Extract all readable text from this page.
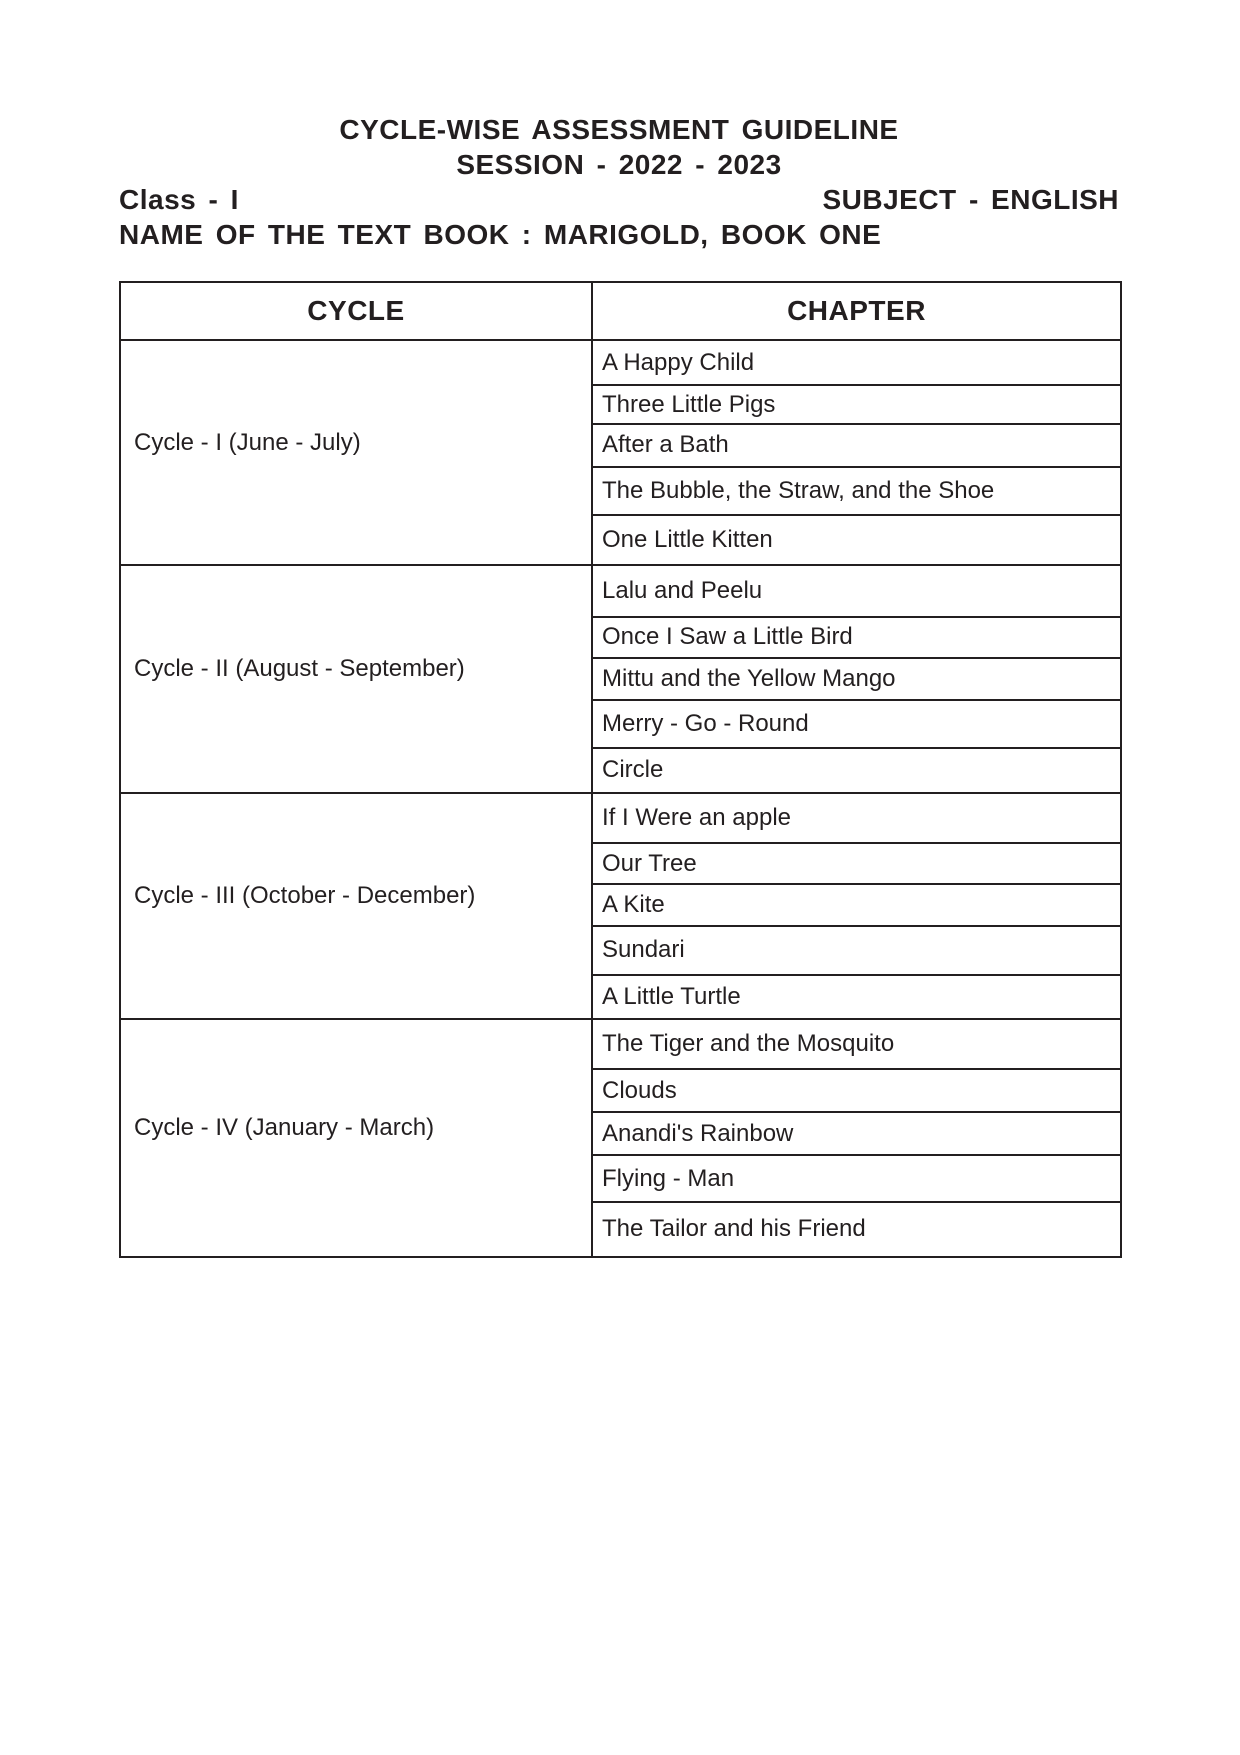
CYCLE-WISE ASSESSMENT GUIDELINE
SESSION - 2022 - 2023
Class - I	SUBJECT - ENGLISH
NAME OF THE TEXT BOOK : MARIGOLD, BOOK ONE
CYCLE	CHAPTER
Cycle - I (June - July)
A Happy Child
Three Little Pigs
After a Bath
The Bubble, the Straw, and the Shoe
One Little Kitten
Cycle - II (August - September)
Lalu and Peelu
Once I Saw a Little Bird
Mittu and the Yellow Mango
Merry - Go - Round
Circle
Cycle - III (October - December)
If I Were an apple
Our Tree
A Kite
Sundari
A Little Turtle
Cycle - IV (January - March)
The Tiger and the Mosquito
Clouds
Anandi's Rainbow
Flying - Man
The Tailor and his Friend
